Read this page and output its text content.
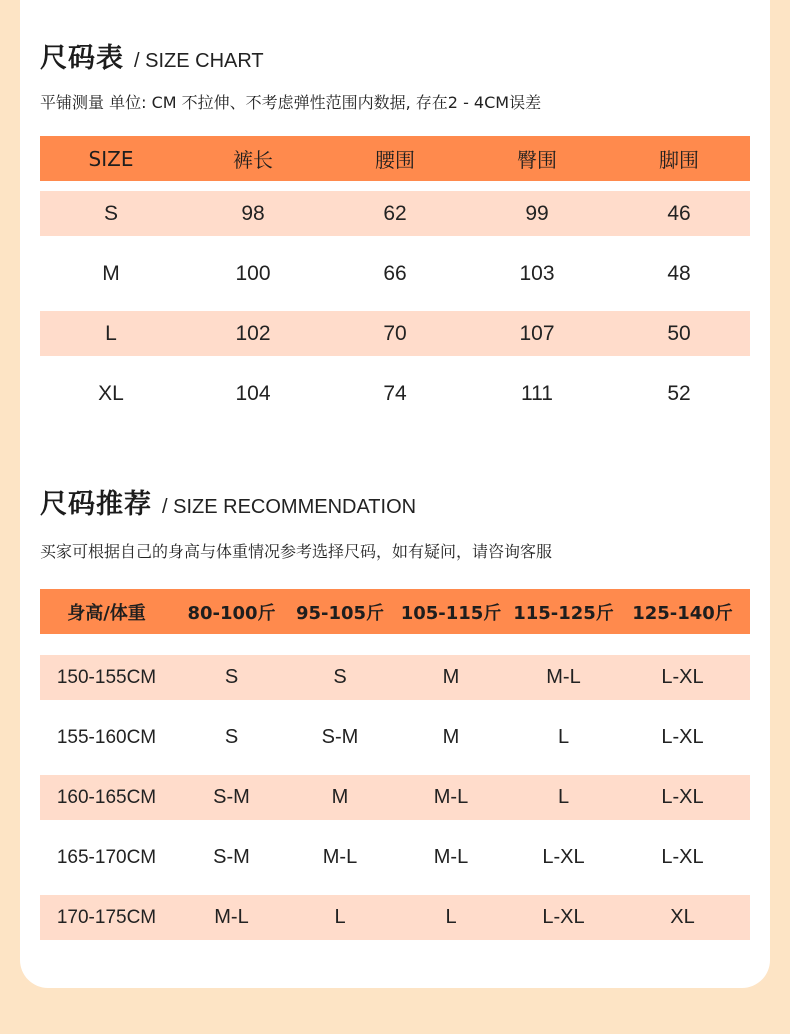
尺码表 / SIZE CHART
平铺测量 单位: CM 不拉伸、不考虑弹性范围内数据, 存在2 - 4CM误差
SIZE	裤长	腰围	臀围	脚围
S	98	62	99	46
M	100	66	103	48
L	102	70	107	50
XL	104	74	111	52
尺码推荐 / SIZE RECOMMENDATION
买家可根据自己的身高与体重情况参考选择尺码，如有疑问，请咨询客服
身高/体重	80-100斤	95-105斤 105-115斤 115-125斤	125-140斤
150-155CM	S	S	M	M-L	L-XL
155-160CM	S	S-M	M	L	L-XL
160-165CM	S-M	M	M-L	L	L-XL
165-170CM	S-M	M-L	M-L	L-XL	L-XL
170-175CM	M-L	L	L	L-XL	XL
